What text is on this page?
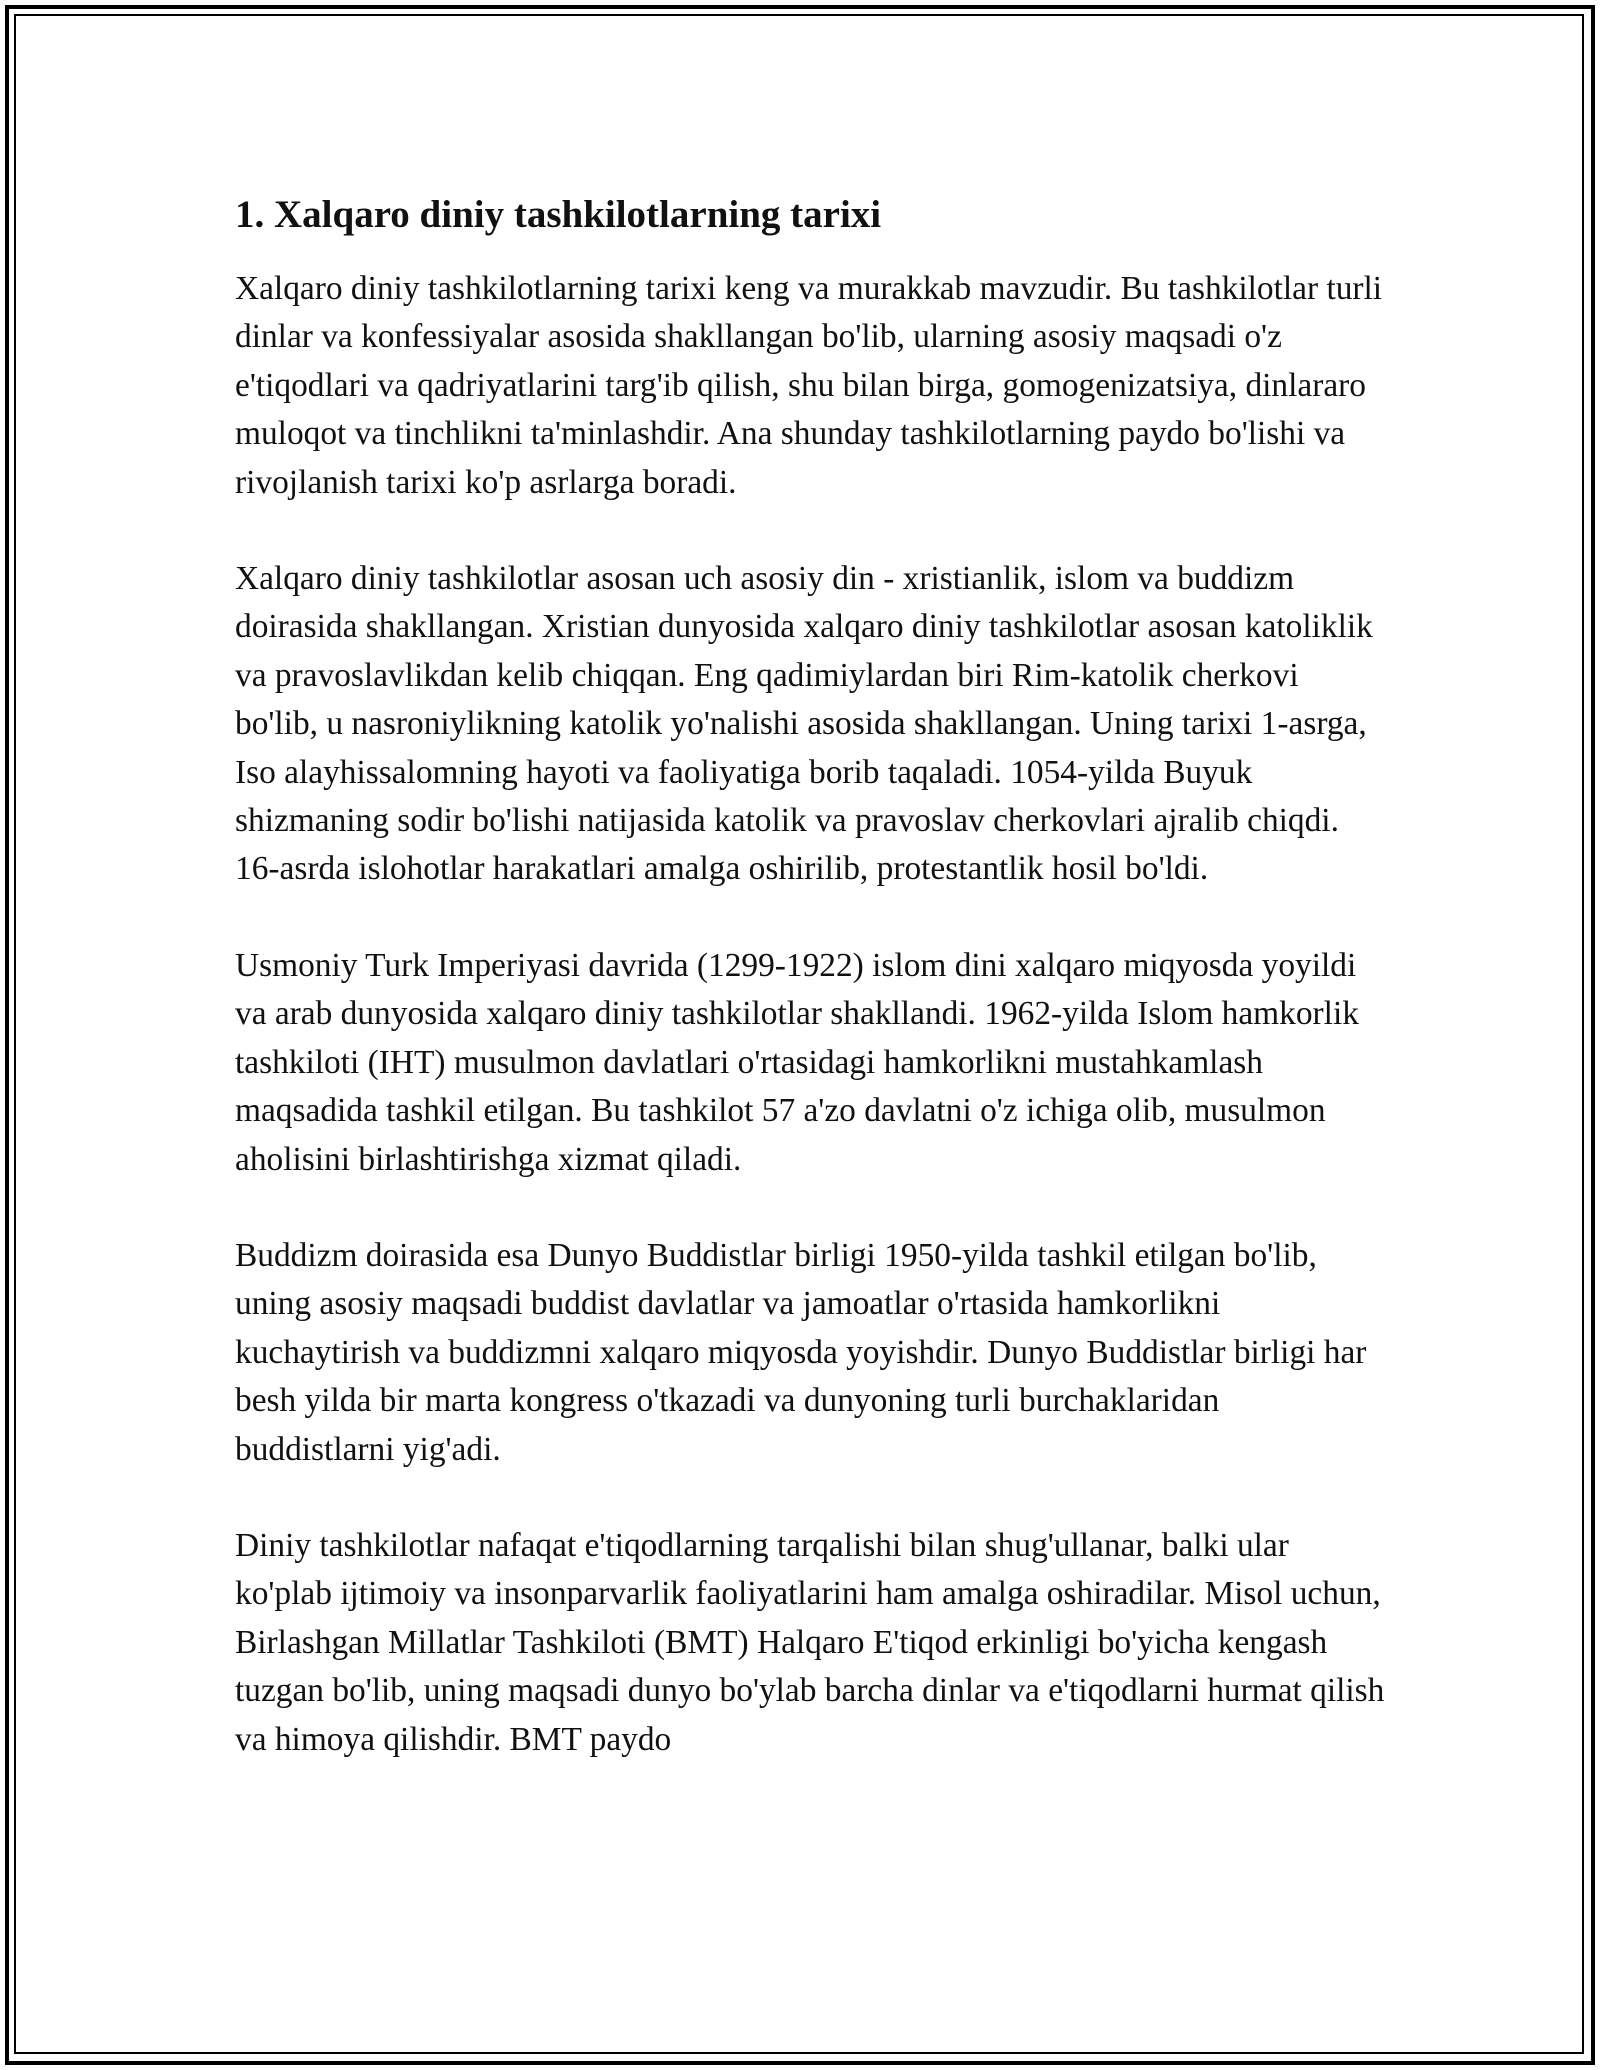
1. Xalqaro diniy tashkilotlarning tarixi

Xalqaro diniy tashkilotlarning tarixi keng va murakkab mavzudir. Bu tashkilotlar turli dinlar va konfessiyalar asosida shakllangan bo'lib, ularning asosiy maqsadi o'z e'tiqodlari va qadriyatlarini targ'ib qilish, shu bilan birga, gomogenizatsiya, dinlararo muloqot va tinchlikni ta'minlashdir. Ana shunday tashkilotlarning paydo bo'lishi va rivojlanish tarixi ko'p asrlarga boradi.

Xalqaro diniy tashkilotlar asosan uch asosiy din - xristianlik, islom va buddizm doirasida shakllangan. Xristian dunyosida xalqaro diniy tashkilotlar asosan katoliklik va pravoslavlikdan kelib chiqqan. Eng qadimiylardan biri Rim-katolik cherkovi bo'lib, u nasroniylikning katolik yo'nalishi asosida shakllangan. Uning tarixi 1-asrga, Iso alayhissalomning hayoti va faoliyatiga borib taqaladi. 1054-yilda Buyuk shizmaning sodir bo'lishi natijasida katolik va pravoslav cherkovlari ajralib chiqdi. 16-asrda islohotlar harakatlari amalga oshirilib, protestantlik hosil bo'ldi.

Usmoniy Turk Imperiyasi davrida (1299-1922) islom dini xalqaro miqyosda yoyildi va arab dunyosida xalqaro diniy tashkilotlar shakllandi. 1962-yilda Islom hamkorlik tashkiloti (IHT) musulmon davlatlari o'rtasidagi hamkorlikni mustahkamlash maqsadida tashkil etilgan. Bu tashkilot 57 a'zo davlatni o'z ichiga olib, musulmon aholisini birlashtirishga xizmat qiladi.

Buddizm doirasida esa Dunyo Buddistlar birligi 1950-yilda tashkil etilgan bo'lib, uning asosiy maqsadi buddist davlatlar va jamoatlar o'rtasida hamkorlikni kuchaytirish va buddizmni xalqaro miqyosda yoyishdir. Dunyo Buddistlar birligi har besh yilda bir marta kongress o'tkazadi va dunyoning turli burchaklaridan buddistlarni yig'adi.

Diniy tashkilotlar nafaqat e'tiqodlarning tarqalishi bilan shug'ullanar, balki ular ko'plab ijtimoiy va insonparvarlik faoliyatlarini ham amalga oshiradilar. Misol uchun, Birlashgan Millatlar Tashkiloti (BMT) Halqaro E'tiqod erkinligi bo'yicha kengash tuzgan bo'lib, uning maqsadi dunyo bo'ylab barcha dinlar va e'tiqodlarni hurmat qilish va himoya qilishdir. BMT paydo
